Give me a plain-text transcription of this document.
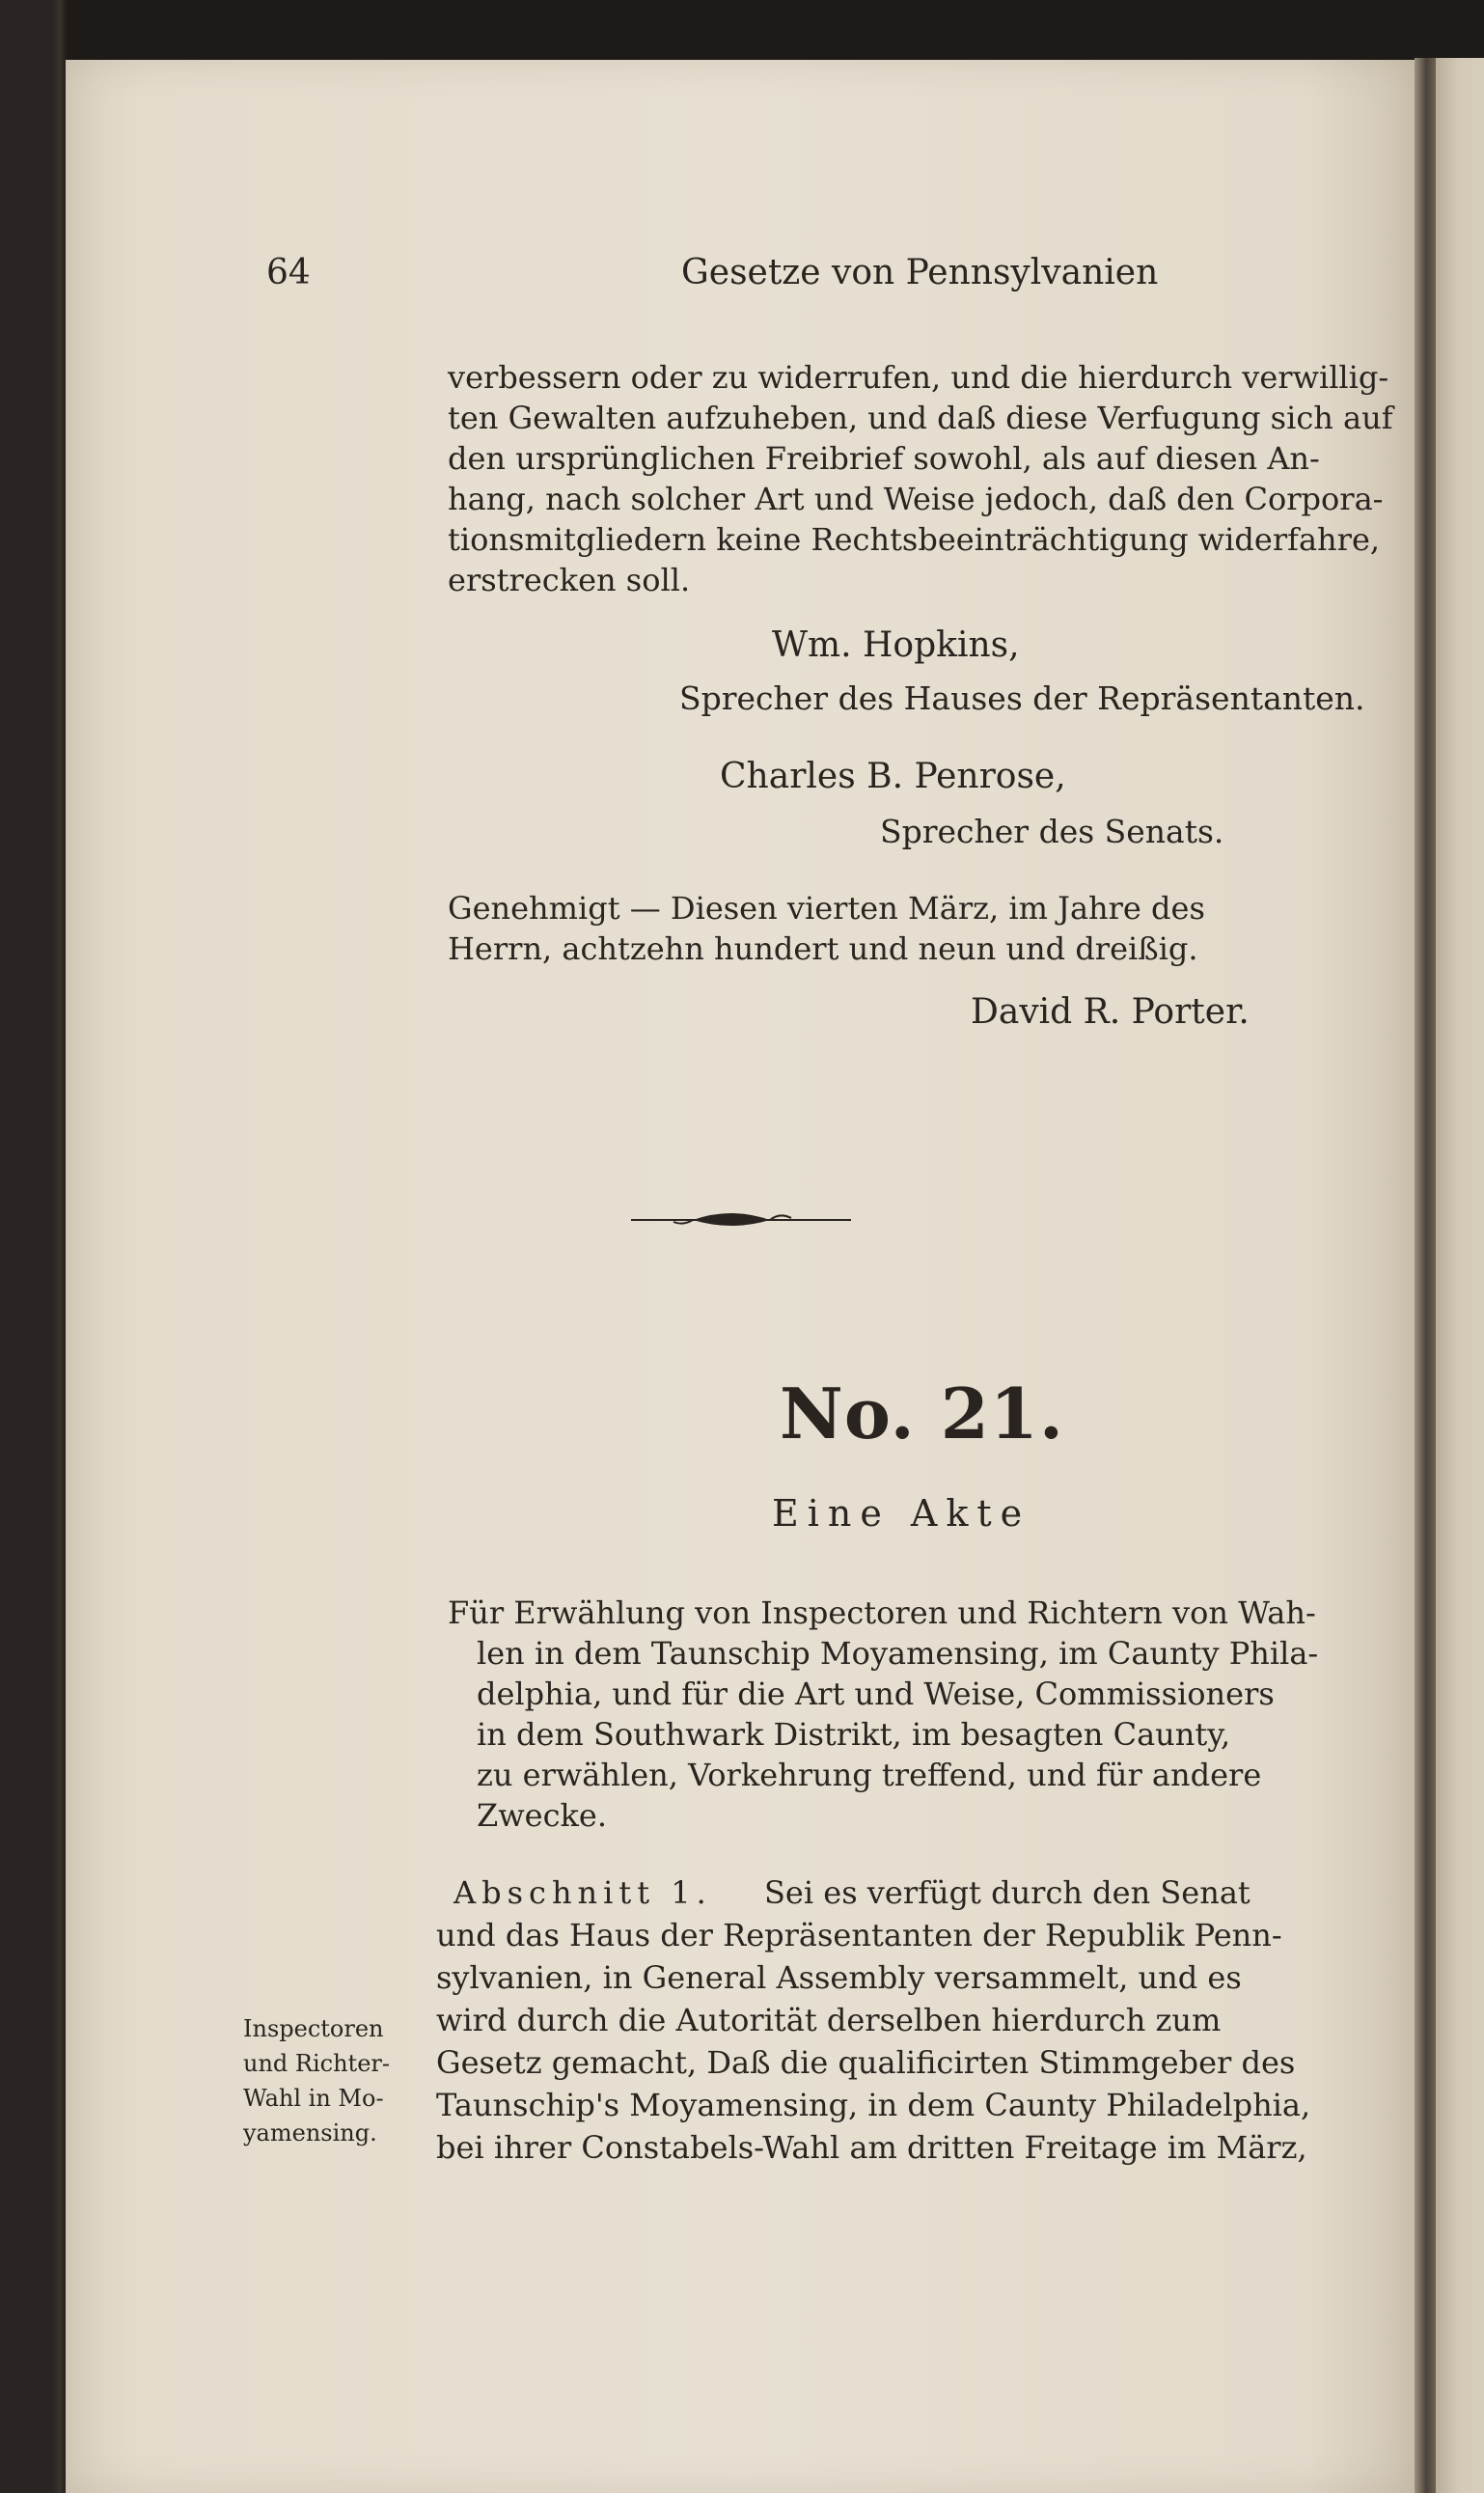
64	Gesetze von Pennsylvanien

verbessern oder zu widerrufen, und die hierdurch verwillig-

ten Gewalten aufzuheben, und daß diese Verfugung sich auf

den ursprünglichen Freibrief sowohl, als auf diesen An-

hang, nach solcher Art und Weise jedoch, daß den Corpora-

tionsmitgliedern keine Rechtsbeeinträchtigung widerfahre,

erstrecken soll.

Wm. Hopkins,

Sprecher des Hauses der Repräsentanten.

Charles B. Penrose,

Sprecher des Senats.

Genehmigt — Diesen vierten März, im Jahre des

Herrn, achtzehn hundert und neun und dreißig.

David R. Porter.

No. 21.

Eine Akte

Für Erwählung von Inspectoren und Richtern von Wah-

len in dem Taunschip Moyamensing, im Caunty Phila-

delphia, und für die Art und Weise, Commissioners

in dem Southwark Distrikt, im besagten Caunty,

zu erwählen, Vorkehrung treffend, und für andere

Zwecke.

Abschnitt 1. Sei es verfügt durch den Senat

und das Haus der Repräsentanten der Republik Penn-

sylvanien, in General Assembly versammelt, und es

wird durch die Autorität derselben hierdurch zum

Gesetz gemacht, Daß die qualificirten Stimmgeber des

Taunschip's Moyamensing, in dem Caunty Philadelphia,

bei ihrer Constabels-Wahl am dritten Freitage im März,

Inspectoren

und Richter-

Wahl in Mo-

yamensing.
